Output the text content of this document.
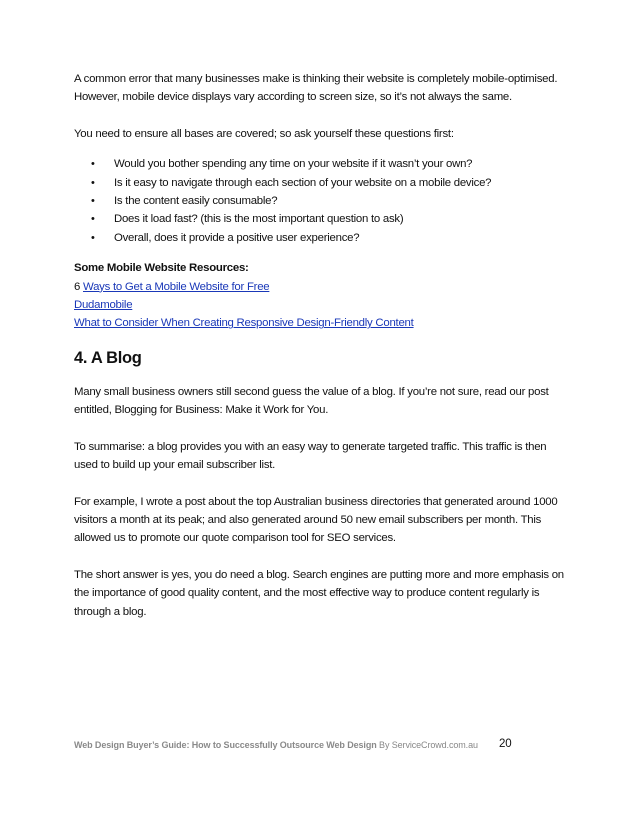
A common error that many businesses make is thinking their website is completely mobile-optimised. However, mobile device displays vary according to screen size, so it’s not always the same.

You need to ensure all bases are covered; so ask yourself these questions first:

• Would you bother spending any time on your website if it wasn’t your own?
• Is it easy to navigate through each section of your website on a mobile device?
• Is the content easily consumable?
• Does it load fast? (this is the most important question to ask)
• Overall, does it provide a positive user experience?

Some Mobile Website Resources:

6 Ways to Get a Mobile Website for Free

Dudamobile

What to Consider When Creating Responsive Design-Friendly Content

4. A Blog

Many small business owners still second guess the value of a blog. If you’re not sure, read our post entitled, Blogging for Business: Make it Work for You.

To summarise: a blog provides you with an easy way to generate targeted traffic. This traffic is then used to build up your email subscriber list.

For example, I wrote a post about the top Australian business directories that generated around 1000 visitors a month at its peak; and also generated around 50 new email subscribers per month. This allowed us to promote our quote comparison tool for SEO services.

The short answer is yes, you do need a blog. Search engines are putting more and more emphasis on the importance of good quality content, and the most effective way to produce content regularly is through a blog.

Web Design Buyer’s Guide: How to Successfully Outsource Web Design By ServiceCrowd.com.au 20
